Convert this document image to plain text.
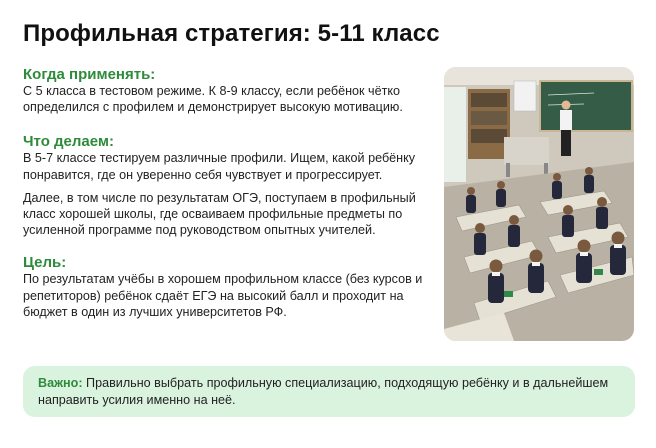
Профильная стратегия: 5-11 класс
Когда применять:

С 5 класса в тестовом режиме. К 8-9 классу, если ребёнок чётко определился с профилем и демонстрирует высокую мотивацию.

Что делаем:

В 5-7 классе тестируем различные профили. Ищем, какой ребёнку понравится, где он уверенно себя чувствует и прогрессирует.

Далее, в том числе по результатам ОГЭ, поступаем в профильный класс хорошей школы, где осваиваем профильные предметы по усиленной программе под руководством опытных учителей.

Цель:

По результатам учёбы в хорошем профильном классе (без курсов и репетиторов) ребёнок сдаёт ЕГЭ на высокий балл и проходит на бюджет в один из лучших университетов РФ.

Важно: Правильно выбрать профильную специализацию, подходящую ребёнку и в дальнейшем направить усилия именно на неё.
